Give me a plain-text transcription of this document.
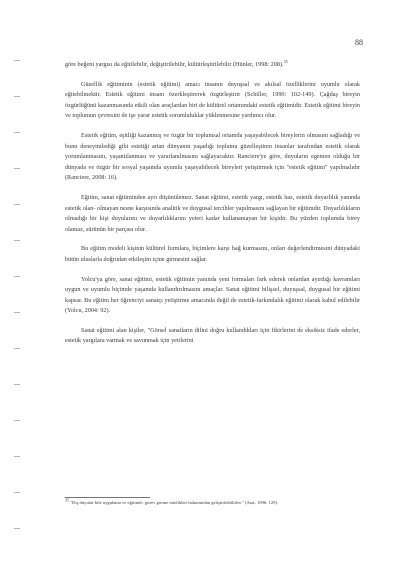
88

göre beğeni yargısı da eğitilebilir, değiştirilebilir, kültürleştirilebilir (Hünler, 1998: 208).$^{35}$

Güzellik eğitiminin (estetik eğitimi) amacı insanın duyuşsal ve akılsal özelliklerini uyumlu olarak eğitebilmektir. Estetik eğitimi insanı özerkleştirerek özgürleştirir (Schiller, 1990: 102-149). Çağdaş bireyin özgürlüğünü kazanmasında etkili olan araçlardan biri de kültürel ortamındaki estetik eğitimidir. Estetik eğitimi bireyin ve toplumun çevresini de işe yarar estetik sorumluluklar yüklenmesine yardımcı olur.

Estetik eğitim, eşitliği kazanmış ve özgür bir toplumsal ortamda yaşayabilecek bireylerin olmasını sağladığı ve bunu deneyimlediği gibi estetiği artan dünyanın yaşadığı toplumu güzelleştiren insanlar tarafından estetik olarak yorumlanmasını, yaşantılanması ve yararlanılmasını sağlayacaktır. Ranciere'ye göre, duyuların egemen olduğu bir dünyada ve özgür bir sosyal yaşamda uyumlu yaşayabilecek bireyleri yetiştirmek için "estetik eğitimi" yapılmalıdır (Ranciere, 2008: 16).

Eğitim, sanat eğitiminden ayrı düşünülemez. Sanat eğitimi, estetik yargı, estetik haz, estetik duyarlılık yanında estetik olan- olmayan nesne karşısında analitik ve duygusal tercihler yapılmasını sağlayan bir eğitimdir. Duyarlılıkların olmadığı bir kişi duyularını ve duyarlılıklarını yeteri kadar kullanamayan bir kişidir. Bu yüzden toplumda birey olamaz, sürünün bir parçası olur.

Bu eğitim modeli kişinin kültürel formlara, biçimlere karşı bağ kurmasını, onları değerlendirmesini dünyadaki bütün uluslarla doğrudan etkileşim içine girmesini sağlar.

Yolcu'ya göre, sanat eğitimi, estetik eğitimin yanında yeni formaları fark ederek onlardan ayırdığı kavramları uygun ve uyumlu biçimde yaşamda kullandırılmasını amaçlar. Sanat eğitimi bilişsel, duyuşsal, duygusal bir eğitimi kapsar. Bu eğitim her öğrenciyi sanatçı yetiştirme amacında değil de estetik-farkındalık eğitimi olarak kabul edilebilir (Yolcu, 2004: 92).

Sanat eğitimi alan kişiler, "Görsel sanatların dilini doğru kullandıkları için fikirlerini de eksiksiz ifade ederler, estetik yargılara varmak ve savunmak için yetilerini

$^{35}$ "Dış duyular bile uygulama ve eğitimle, görev görme nitelikleri bakımından geliştirilebilirler." (Arat, 1996: 129).
